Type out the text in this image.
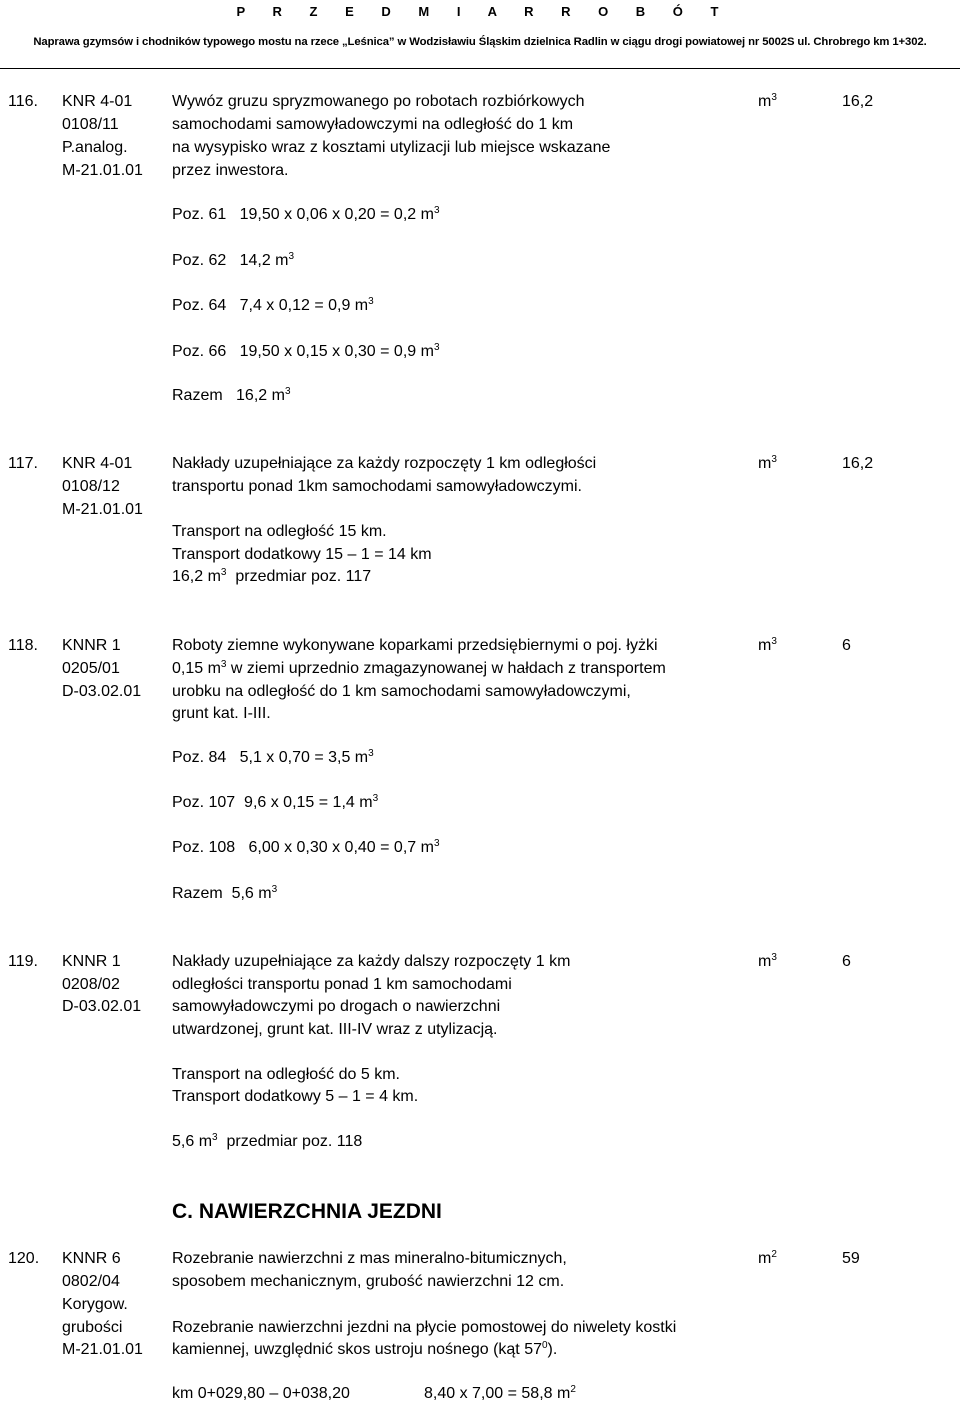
P R Z E D M I A R R O B Ó T
Naprawa gzymsów i chodników typowego mostu na rzece „Leśnica” w Wodzisławiu Śląskim dzielnica Radlin w ciągu drogi powiatowej nr 5002S ul. Chrobrego km 1+302.
116. KNR 4-01
0108/11
P.analog.
M-21.01.01
Wywóz gruzu spryzmowanego po robotach rozbiórkowych
samochodami samowyładowczymi na odległość do 1 km
na wysypisko wraz z kosztami utylizacji lub miejsce wskazane
przez inwestora.
$m^3$	16,2
Poz. 61   19,50 x 0,06 x 0,20 = 0,2 $m^3$
Poz. 62   14,2 $m^3$
Poz. 64   7,4 x 0,12 = 0,9 $m^3$
Poz. 66   19,50 x 0,15 x 0,30 = 0,9 $m^3$
Razem   16,2 $m^3$
117. KNR 4-01
0108/12
M-21.01.01
Nakłady uzupełniające za każdy rozpoczęty 1 km odległości
transportu ponad 1km samochodami samowyładowczymi.
$m^3$	16,2
Transport na odległość 15 km.
Transport dodatkowy 15 – 1 = 14 km
16,2 $m^3$  przedmiar poz. 117
118. KNNR 1
0205/01
D-03.02.01
Roboty ziemne wykonywane koparkami przedsiębiernymi o poj. łyżki
0,15 $m^3$ w ziemi uprzednio zmagazynowanej w hałdach z transportem
urobku na odległość do 1 km samochodami samowyładowczymi,
grunt kat. I-III.
$m^3$	6
Poz. 84   5,1 x 0,70 = 3,5 $m^3$
Poz. 107  9,6 x 0,15 = 1,4 $m^3$
Poz. 108   6,00 x 0,30 x 0,40 = 0,7 $m^3$
Razem  5,6 $m^3$
119. KNNR 1
0208/02
D-03.02.01
Nakłady uzupełniające za każdy dalszy rozpoczęty 1 km
odległości transportu ponad 1 km samochodami
samowyładowczymi po drogach o nawierzchni
utwardzonej, grunt kat. III-IV wraz z utylizacją.
$m^3$	6
Transport na odległość do 5 km.
Transport dodatkowy 5 – 1 = 4 km.
5,6 $m^3$  przedmiar poz. 118
C. NAWIERZCHNIA JEZDNI
120. KNNR 6
0802/04
Korygow.
grubości
M-21.01.01
Rozebranie nawierzchni z mas mineralno-bitumicznych,
sposobem mechanicznym, grubość nawierzchni 12 cm.
$m^2$	59
Rozebranie nawierzchni jezdni na płycie pomostowej do niwelety kostki
kamiennej, uwzględnić skos ustroju nośnego (kąt $57^0$).
km 0+029,80 – 0+038,20	8,40 x 7,00 = 58,8 $m^2$
